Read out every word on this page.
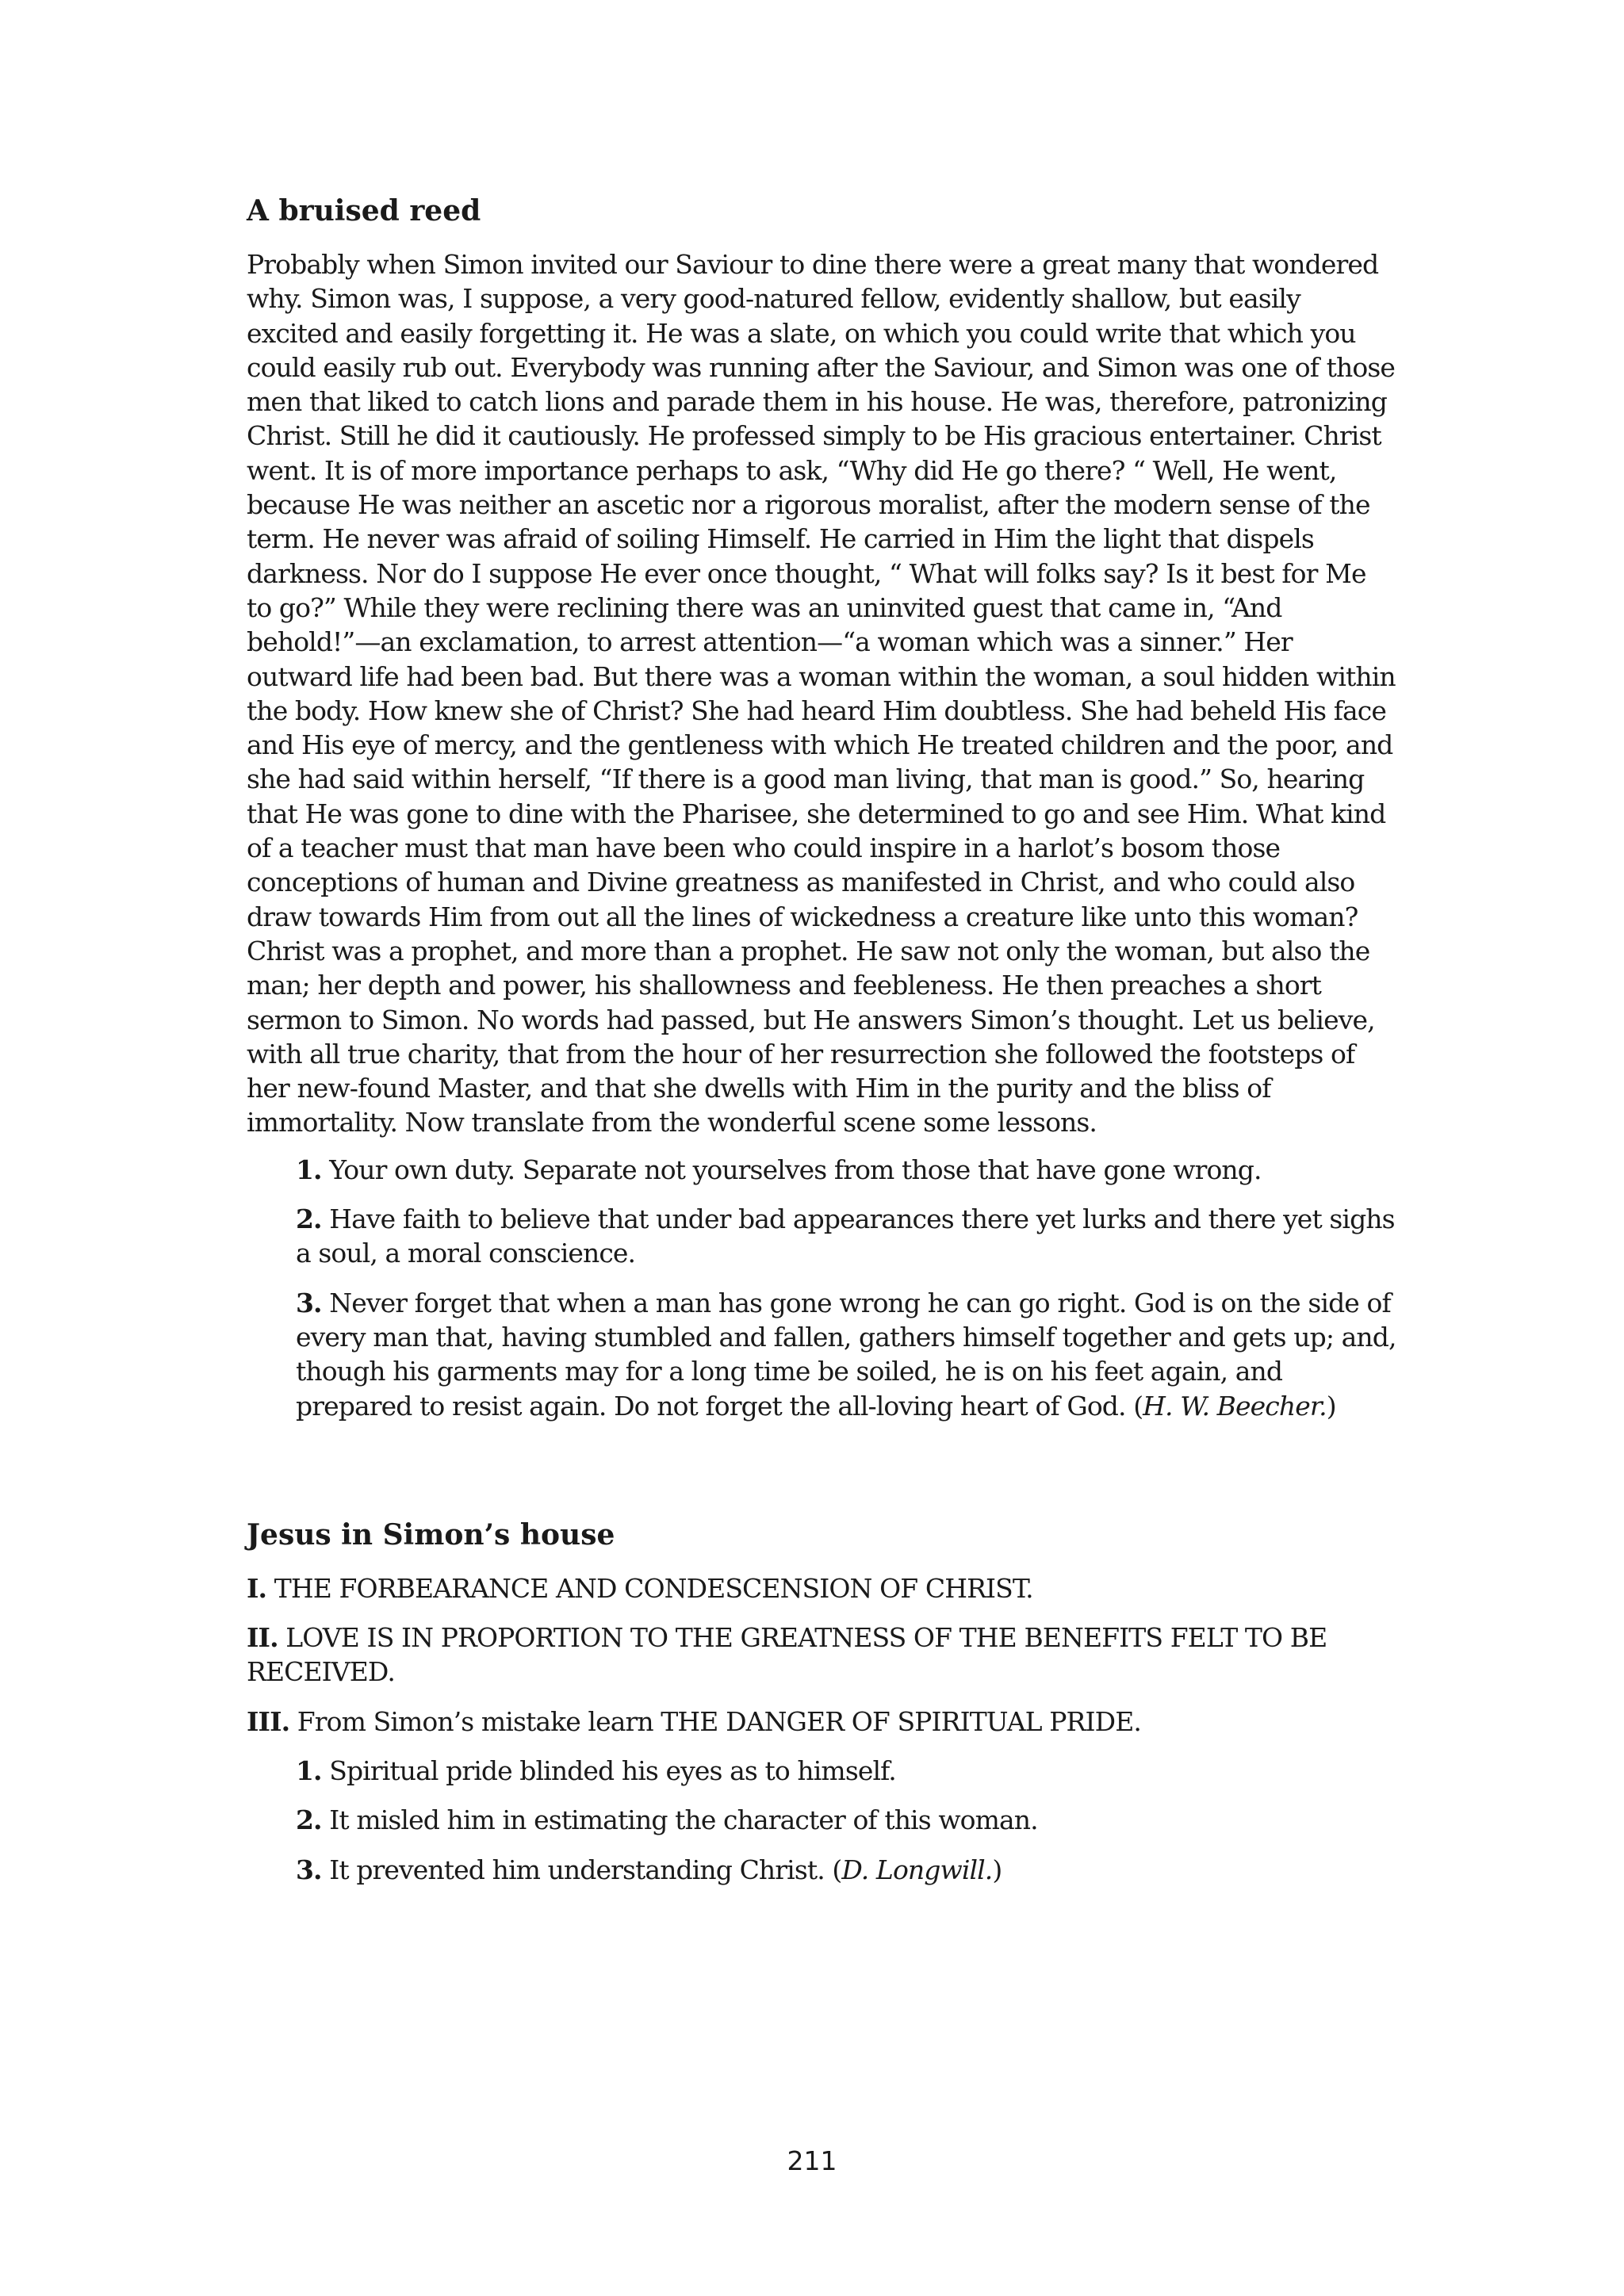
A bruised reed

Probably when Simon invited our Saviour to dine there were a great many that wondered why. Simon was, I suppose, a very good-natured fellow, evidently shallow, but easily excited and easily forgetting it. He was a slate, on which you could write that which you could easily rub out. Everybody was running after the Saviour, and Simon was one of those men that liked to catch lions and parade them in his house. He was, therefore, patronizing Christ. Still he did it cautiously. He professed simply to be His gracious entertainer. Christ went. It is of more importance perhaps to ask, “Why did He go there? “ Well, He went, because He was neither an ascetic nor a rigorous moralist, after the modern sense of the term. He never was afraid of soiling Himself. He carried in Him the light that dispels darkness. Nor do I suppose He ever once thought, “ What will folks say? Is it best for Me to go?” While they were reclining there was an uninvited guest that came in, “And behold!”—an exclamation, to arrest attention—“a woman which was a sinner.” Her outward life had been bad. But there was a woman within the woman, a soul hidden within the body. How knew she of Christ? She had heard Him doubtless. She had beheld His face and His eye of mercy, and the gentleness with which He treated children and the poor, and she had said within herself, “If there is a good man living, that man is good.” So, hearing that He was gone to dine with the Pharisee, she determined to go and see Him. What kind of a teacher must that man have been who could inspire in a harlot’s bosom those conceptions of human and Divine greatness as manifested in Christ, and who could also draw towards Him from out all the lines of wickedness a creature like unto this woman? Christ was a prophet, and more than a prophet. He saw not only the woman, but also the man; her depth and power, his shallowness and feebleness. He then preaches a short sermon to Simon. No words had passed, but He answers Simon’s thought. Let us believe, with all true charity, that from the hour of her resurrection she followed the footsteps of her new-found Master, and that she dwells with Him in the purity and the bliss of immortality. Now translate from the wonderful scene some lessons.

1. Your own duty. Separate not yourselves from those that have gone wrong.

2. Have faith to believe that under bad appearances there yet lurks and there yet sighs a soul, a moral conscience.

3. Never forget that when a man has gone wrong he can go right. God is on the side of every man that, having stumbled and fallen, gathers himself together and gets up; and, though his garments may for a long time be soiled, he is on his feet again, and prepared to resist again. Do not forget the all-loving heart of God. (H. W. Beecher.)

Jesus in Simon’s house

I. THE FORBEARANCE AND CONDESCENSION OF CHRIST.

II. LOVE IS IN PROPORTION TO THE GREATNESS OF THE BENEFITS FELT TO BE RECEIVED.

III. From Simon’s mistake learn THE DANGER OF SPIRITUAL PRIDE.

1. Spiritual pride blinded his eyes as to himself.

2. It misled him in estimating the character of this woman.

3. It prevented him understanding Christ. (D. Longwill.)

211
